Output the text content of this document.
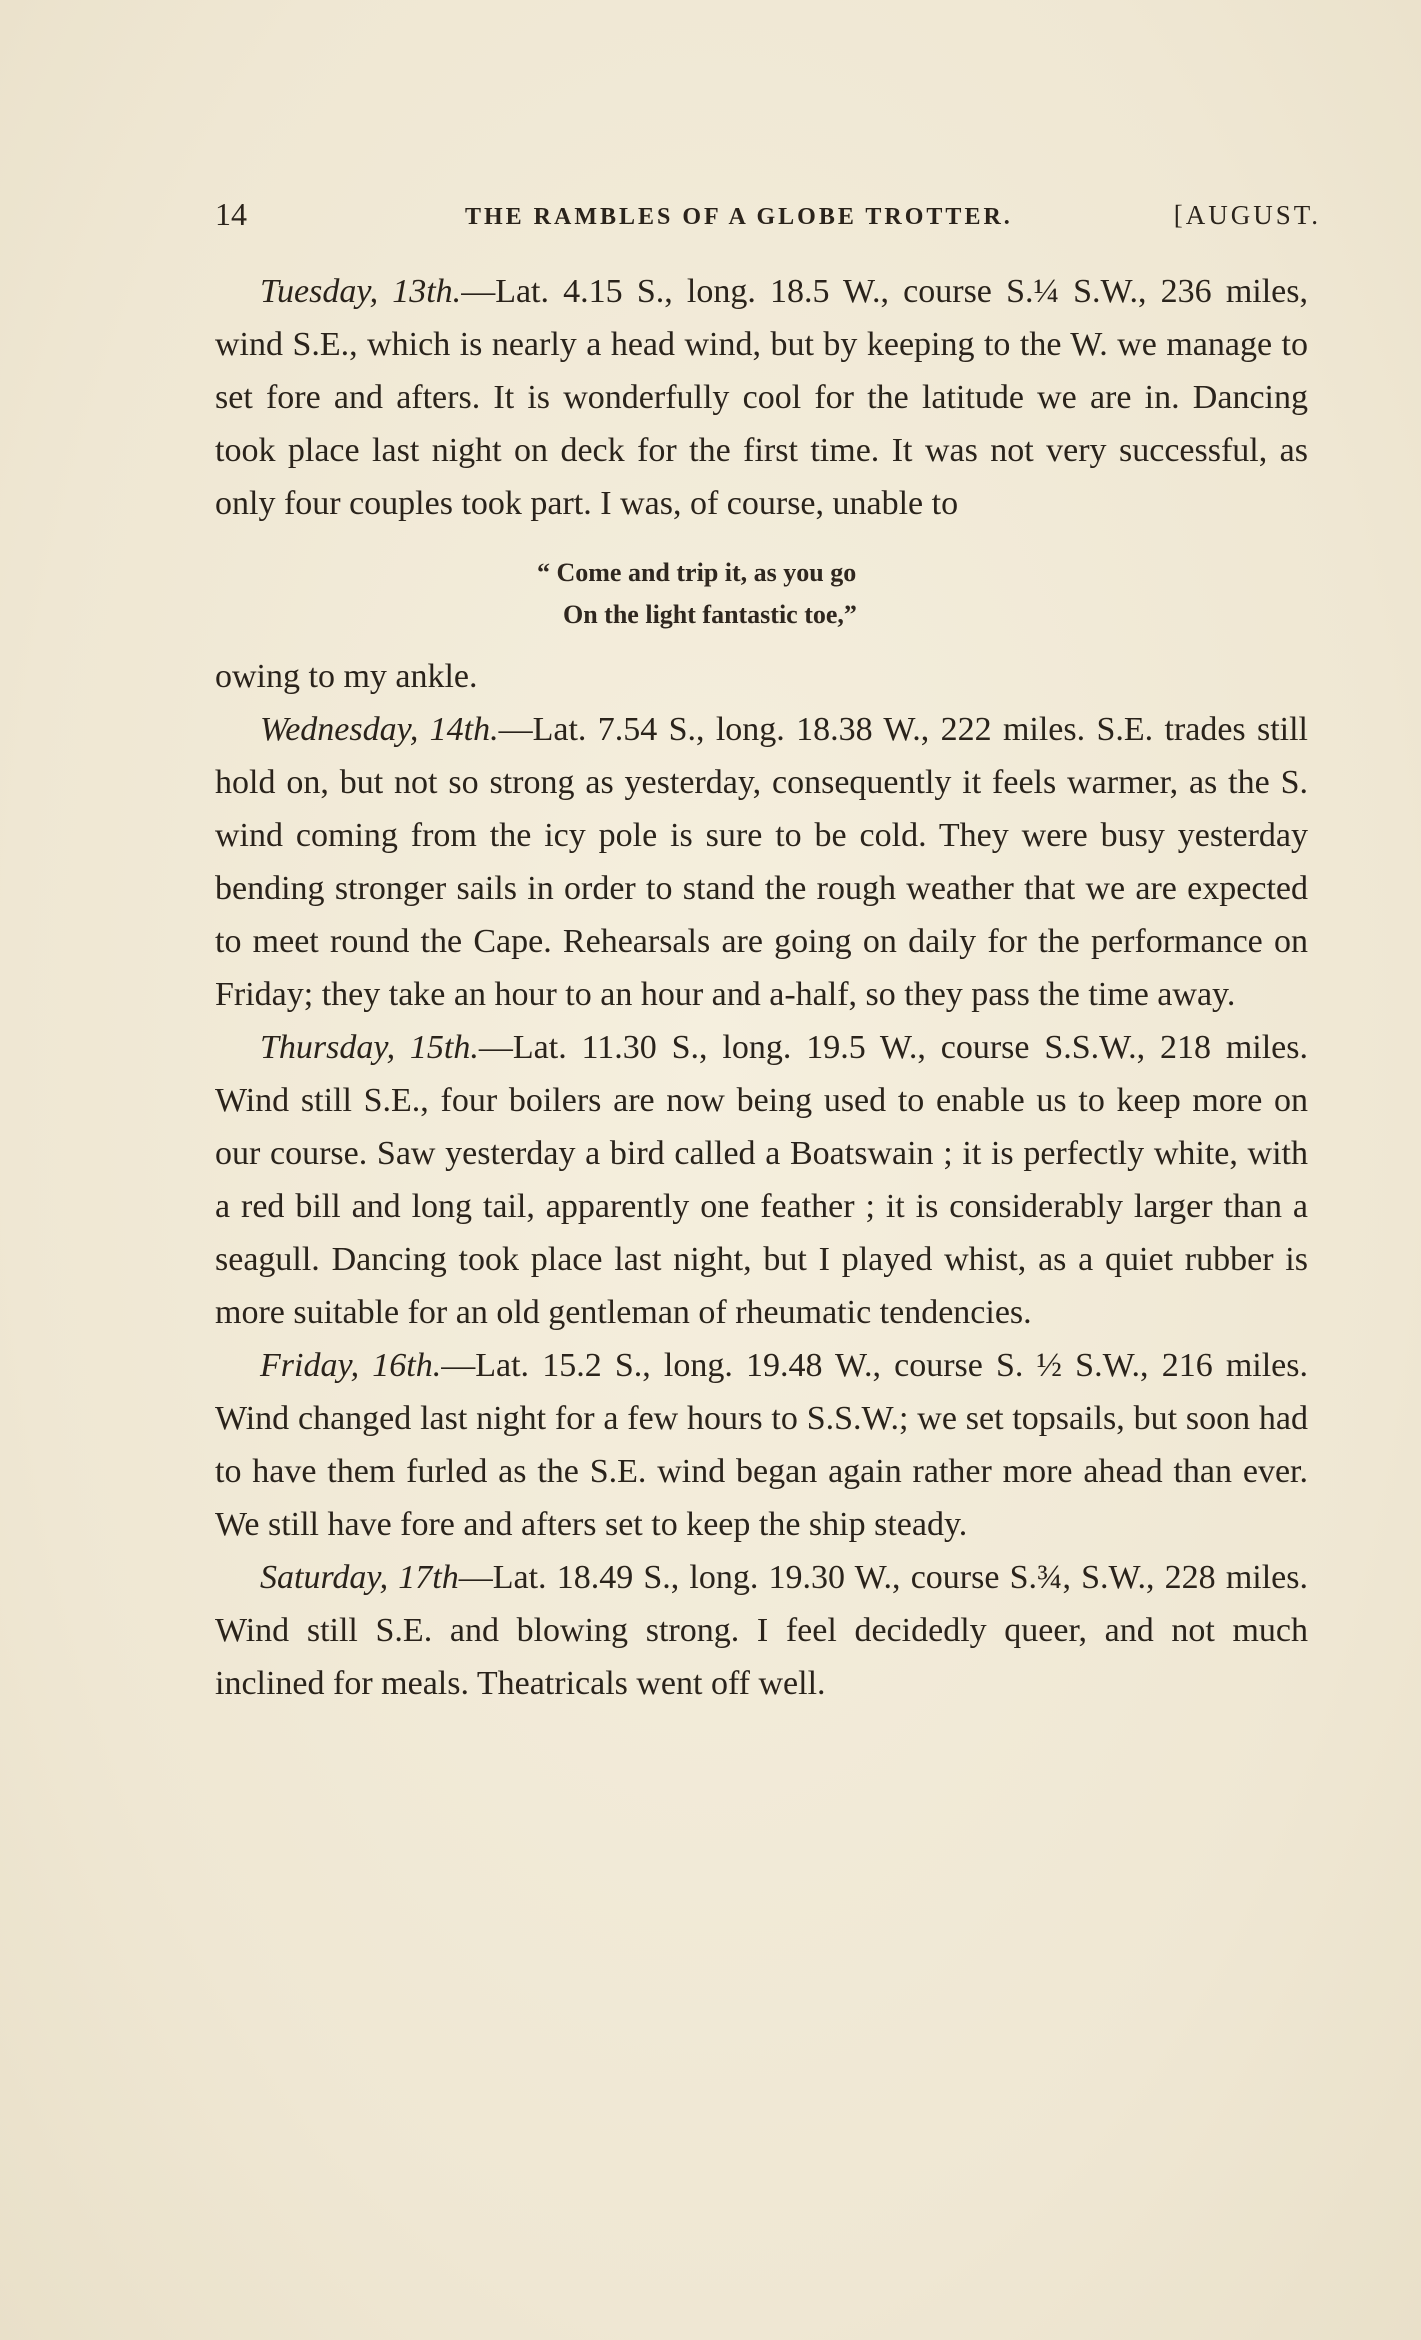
14	THE RAMBLES OF A GLOBE TROTTER.	[AUGUST.

Tuesday, 13th.—Lat. 4.15 S., long. 18.5 W., course S.¼ S.W., 236 miles, wind S.E., which is nearly a head wind, but by keeping to the W. we manage to set fore and afters. It is wonderfully cool for the latitude we are in. Dancing took place last night on deck for the first time. It was not very successful, as only four couples took part. I was, of course, unable to

“ Come and trip it, as you go
On the light fantastic toe,”

owing to my ankle.

Wednesday, 14th.—Lat. 7.54 S., long. 18.38 W., 222 miles. S.E. trades still hold on, but not so strong as yesterday, consequently it feels warmer, as the S. wind coming from the icy pole is sure to be cold. They were busy yesterday bending stronger sails in order to stand the rough weather that we are expected to meet round the Cape. Rehearsals are going on daily for the performance on Friday; they take an hour to an hour and a-half, so they pass the time away.

Thursday, 15th.—Lat. 11.30 S., long. 19.5 W., course S.S.W., 218 miles. Wind still S.E., four boilers are now being used to enable us to keep more on our course. Saw yesterday a bird called a Boatswain ; it is perfectly white, with a red bill and long tail, apparently one feather ; it is considerably larger than a seagull. Dancing took place last night, but I played whist, as a quiet rubber is more suitable for an old gentleman of rheumatic tendencies.

Friday, 16th.—Lat. 15.2 S., long. 19.48 W., course S. ½ S.W., 216 miles. Wind changed last night for a few hours to S.S.W.; we set topsails, but soon had to have them furled as the S.E. wind began again rather more ahead than ever. We still have fore and afters set to keep the ship steady.

Saturday, 17th—Lat. 18.49 S., long. 19.30 W., course S.¾, S.W., 228 miles. Wind still S.E. and blowing strong. I feel decidedly queer, and not much inclined for meals. Theatricals went off well.
